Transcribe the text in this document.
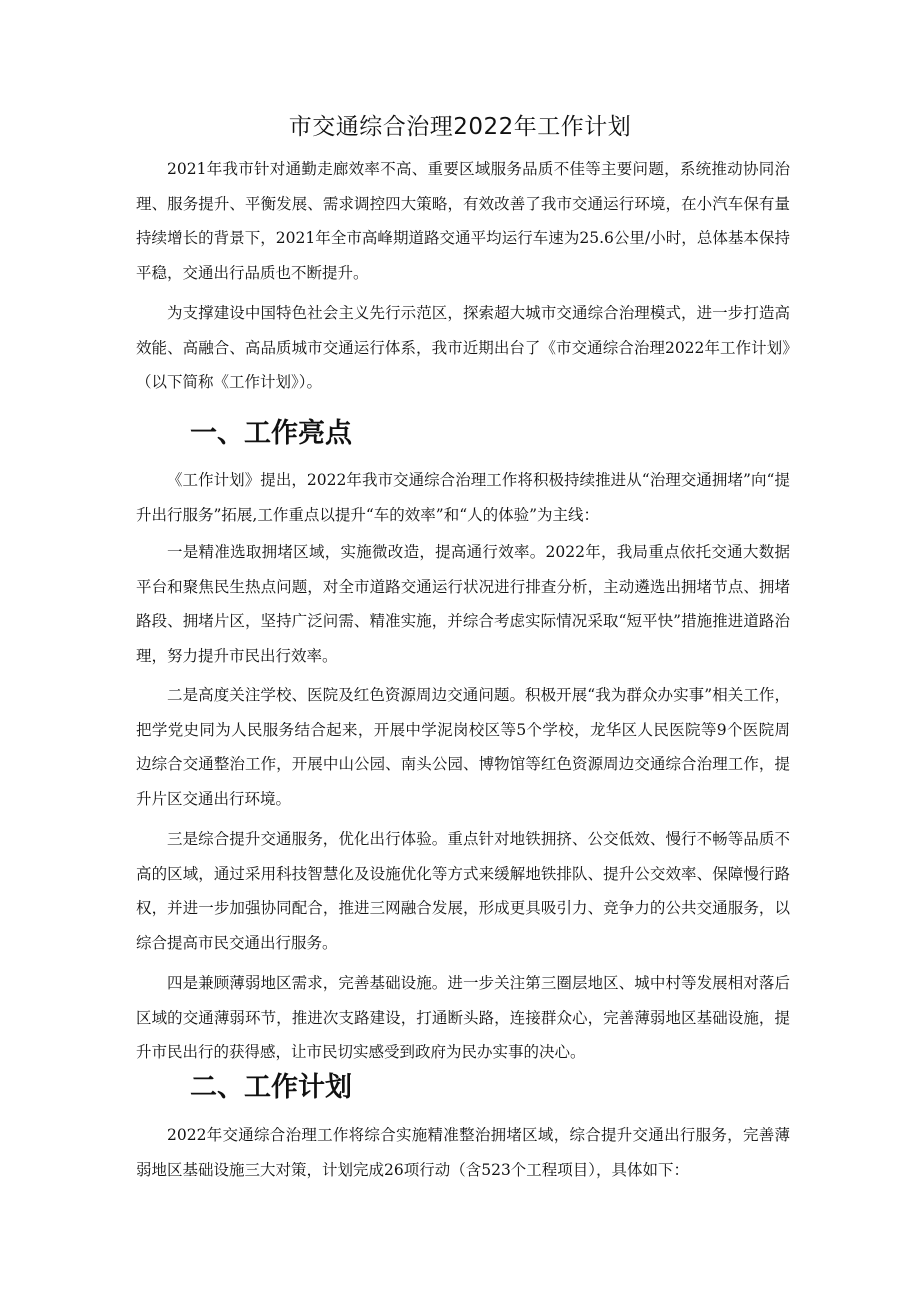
市交通综合治理2022年工作计划

2021年我市针对通勤走廊效率不高、重要区域服务品质不佳等主要问题，系统推动协同治理、服务提升、平衡发展、需求调控四大策略，有效改善了我市交通运行环境，在小汽车保有量持续增长的背景下，2021年全市高峰期道路交通平均运行车速为25.6公里/小时，总体基本保持平稳，交通出行品质也不断提升。

为支撑建设中国特色社会主义先行示范区，探索超大城市交通综合治理模式，进一步打造高效能、高融合、高品质城市交通运行体系，我市近期出台了《市交通综合治理2022年工作计划》（以下简称《工作计划》）。

一、工作亮点

《工作计划》提出，2022年我市交通综合治理工作将积极持续推进从“治理交通拥堵”向“提升出行服务”拓展,工作重点以提升“车的效率”和“人的体验”为主线：

一是精准选取拥堵区域，实施微改造，提高通行效率。2022年，我局重点依托交通大数据平台和聚焦民生热点问题，对全市道路交通运行状况进行排查分析，主动遴选出拥堵节点、拥堵路段、拥堵片区，坚持广泛问需、精准实施，并综合考虑实际情况采取“短平快”措施推进道路治理，努力提升市民出行效率。

二是高度关注学校、医院及红色资源周边交通问题。积极开展“我为群众办实事”相关工作，把学党史同为人民服务结合起来，开展中学泥岗校区等5个学校，龙华区人民医院等9个医院周边综合交通整治工作，开展中山公园、南头公园、博物馆等红色资源周边交通综合治理工作，提升片区交通出行环境。

三是综合提升交通服务，优化出行体验。重点针对地铁拥挤、公交低效、慢行不畅等品质不高的区域，通过采用科技智慧化及设施优化等方式来缓解地铁排队、提升公交效率、保障慢行路权，并进一步加强协同配合，推进三网融合发展，形成更具吸引力、竞争力的公共交通服务，以综合提高市民交通出行服务。

四是兼顾薄弱地区需求，完善基础设施。进一步关注第三圈层地区、城中村等发展相对落后区域的交通薄弱环节，推进次支路建设，打通断头路，连接群众心，完善薄弱地区基础设施，提升市民出行的获得感，让市民切实感受到政府为民办实事的决心。

二、工作计划

2022年交通综合治理工作将综合实施精准整治拥堵区域，综合提升交通出行服务，完善薄弱地区基础设施三大对策，计划完成26项行动（含523个工程项目），具体如下：
